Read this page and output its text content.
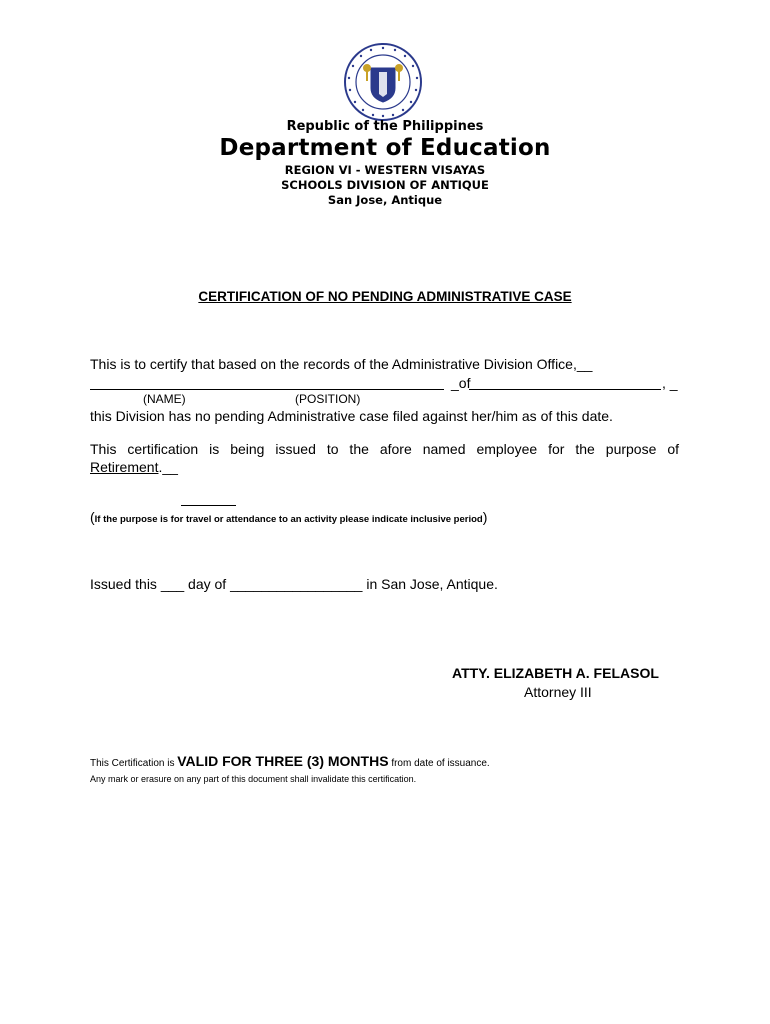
Republic of the Philippines
Department of Education
REGION VI - WESTERN VISAYAS
SCHOOLS DIVISION OF ANTIQUE
San Jose, Antique
CERTIFICATION OF NO PENDING ADMINISTRATIVE CASE
This is to certify that based on the records of the Administrative Division Office,__
_of	, _
(NAME)	(POSITION)
this Division has no pending Administrative case filed against her/him as of this date.
This certification is being issued to the afore named employee for the purpose of
Retirement.__
(If the purpose is for travel or attendance to an activity please indicate inclusive period)
Issued this ___ day of _________________ in San Jose, Antique.
ATTY. ELIZABETH A. FELASOL
Attorney III
This Certification is VALID FOR THREE (3) MONTHS from date of issuance.
Any mark or erasure on any part of this document shall invalidate this certification.
